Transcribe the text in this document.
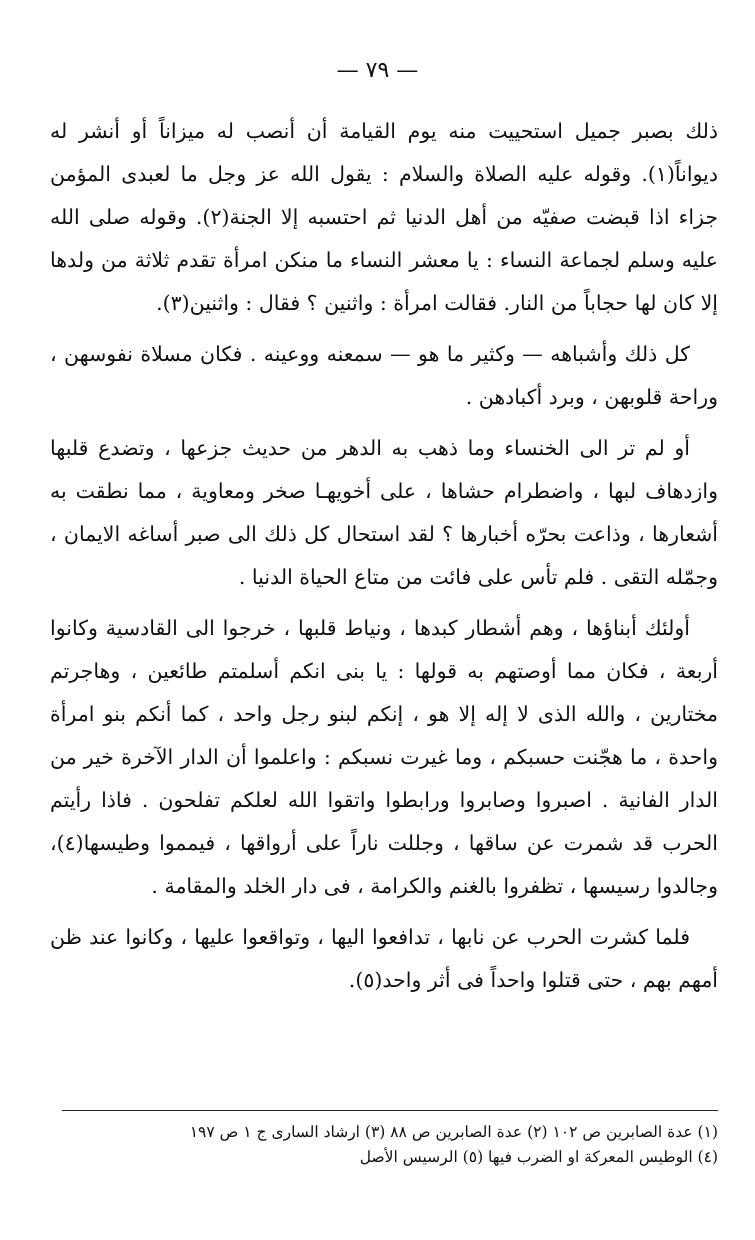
— ٧٩ —

ذلك بصبر جميل استحييت منه يوم القيامة أن أنصب له ميزاناً أو أنشر له ديواناً(١). وقوله عليه الصلاة والسلام : يقول الله عز وجل ما لعبدى المؤمن جزاء اذا قبضت صفيّه من أهل الدنيا ثم احتسبه إلا الجنة(٢). وقوله صلى الله عليه وسلم لجماعة النساء : يا معشر النساء ما منكن امرأة تقدم ثلاثة من ولدها إلا كان لها حجاباً من النار. فقالت امرأة : واثنين ؟ فقال : واثنين(٣).

كل ذلك وأشباهه — وكثير ما هو — سمعنه ووعينه . فكان مسلاة نفوسهن ، وراحة قلوبهن ، وبرد أكبادهن .

أو لم تر الى الخنساء وما ذهب به الدهر من حديث جزعها ، وتضدع قلبها وازدهاف لبها ، واضطرام حشاها ، على أخويهـا صخر ومعاوية ، مما نطقت به أشعارها ، وذاعت بحرّه أخبارها ؟ لقد استحال كل ذلك الى صبر أساغه الايمان ، وجمّله التقى . فلم تأس على فائت من متاع الحياة الدنيا .

أولئك أبناؤها ، وهم أشطار كبدها ، ونياط قلبها ، خرجوا الى القادسية وكانوا أربعة ، فكان مما أوصتهم به قولها : يا بنى انكم أسلمتم طائعين ، وهاجرتم مختارين ، والله الذى لا إله إلا هو ، إنكم لبنو رجل واحد ، كما أنكم بنو امرأة واحدة ، ما هجّنت حسبكم ، وما غيرت نسبكم : واعلموا أن الدار الآخرة خير من الدار الفانية . اصبروا وصابروا ورابطوا واتقوا الله لعلكم تفلحون . فاذا رأيتم الحرب قد شمرت عن ساقها ، وجللت ناراً على أرواقها ، فيمموا وطيسها(٤)، وجالدوا رسيسها ، تظفروا بالغنم والكرامة ، فى دار الخلد والمقامة .

فلما كشرت الحرب عن نابها ، تدافعوا اليها ، وتواقعوا عليها ، وكانوا عند ظن أمهم بهم ، حتى قتلوا واحداً فى أثر واحد(٥).

(١) عدة الصابرين ص ١٠٢ (٢) عدة الصابرين ص ٨٨ (٣) ارشاد السارى ج ١ ص ١٩٧

(٤) الوطيس المعركة او الضرب فيها (٥) الرسيس الأصل
